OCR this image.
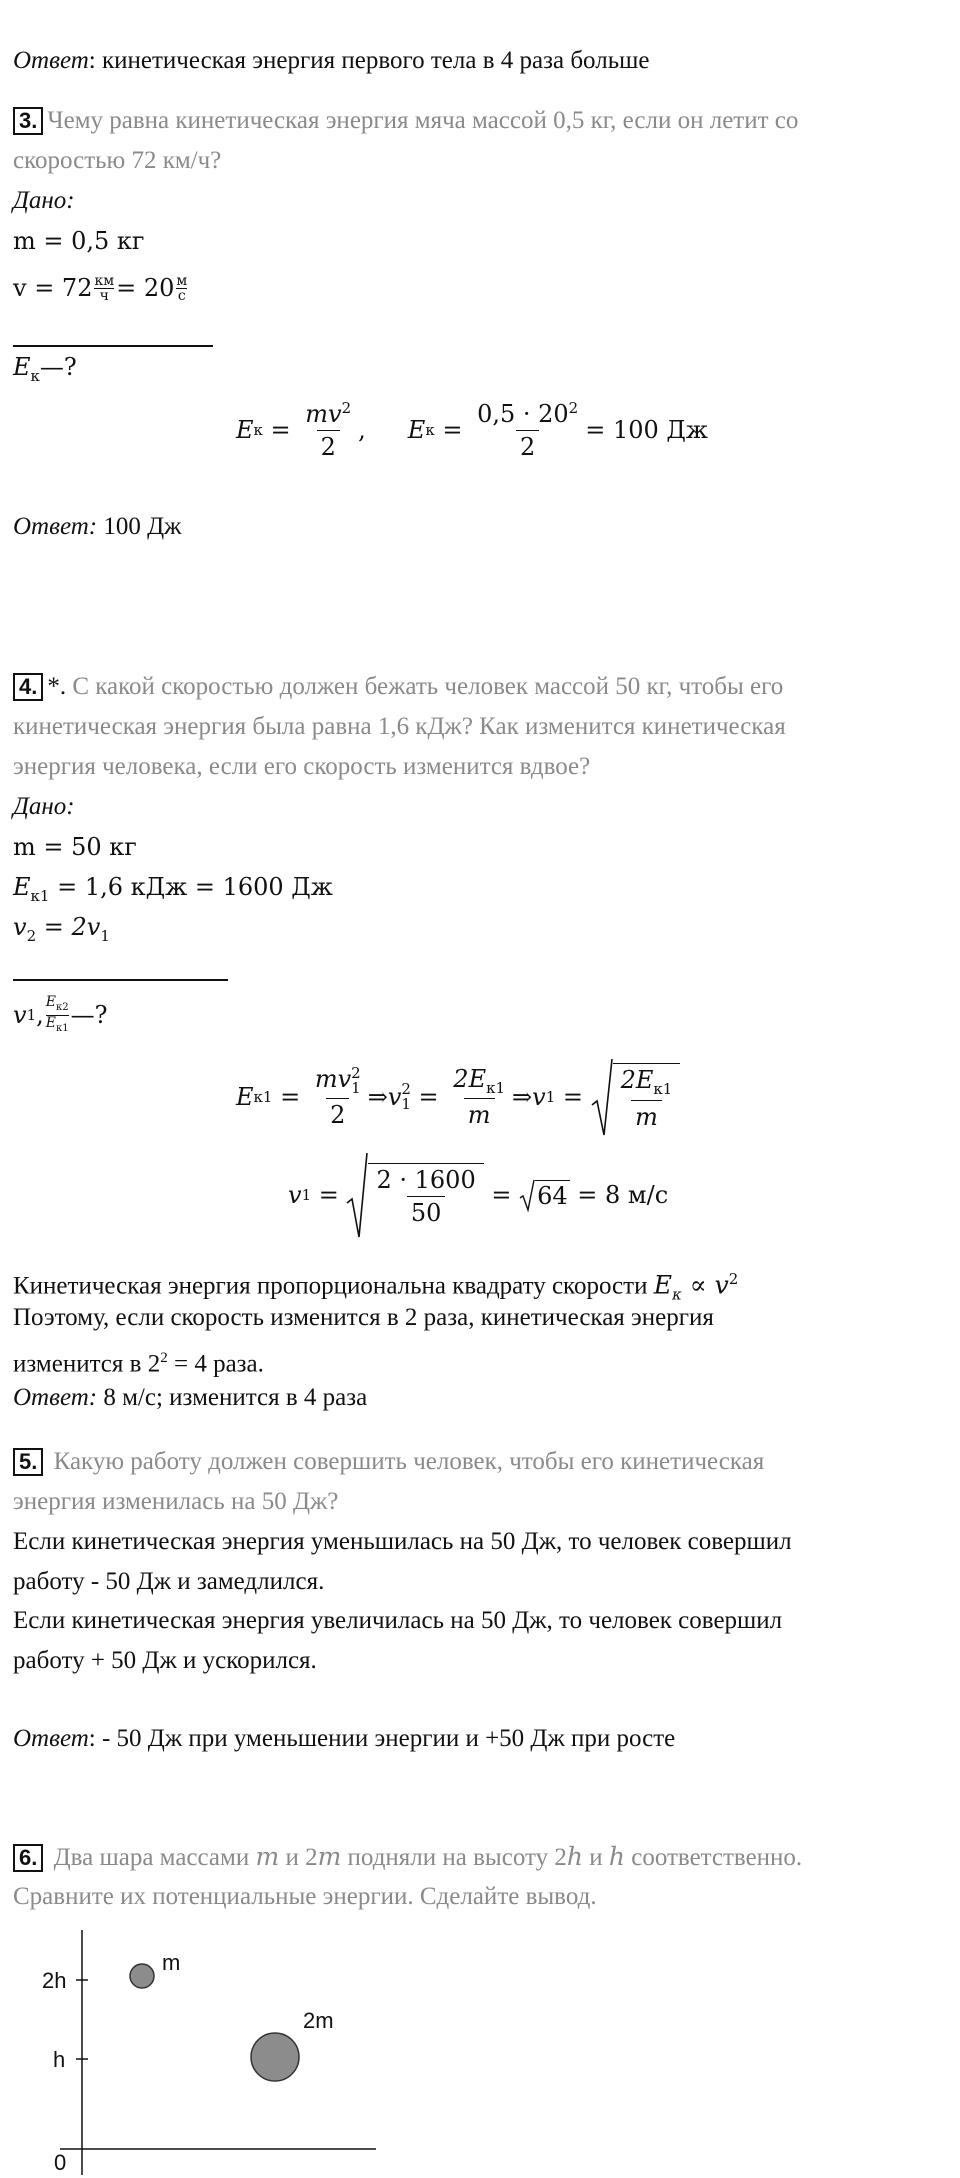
Ответ: кинетическая энергия первого тела в 4 раза больше
3. Чему равна кинетическая энергия мяча массой 0,5 кг, если он летит со
скоростью 72 км/ч?
Дано:
m = 0,5 кг
v = 72 км
ч = 20 м
с
$E_к—$?
E $к = \frac{mv^2}{2}$ , E $к = \frac{0,5 \cdot 20^2}{2} = 100$ Дж
Ответ: 100 Дж
4. *. С какой скоростью должен бежать человек массой 50 кг, чтобы его
кинетическая энергия была равна 1,6 кДж? Как изменится кинетическая
энергия человека, если его скорость изменится вдвое?
Дано:
m = 50 кг
$E_{к1} = 1,6$ кДж = 1600 Дж
$v_2 = 2v_1$
v 1 , $E_{к2}$
$E_{к1}$ —?
E к1 = mv 2
1
2 ⇒ v 2
$1 = \frac{2E_{к1}}{m}$ ⇒ v $1 = \frac{2E_{к1}}{m}$
v $1 = \frac{2 \cdot 1600}{50}$
=
64
= 8 м/с
Кинетическая энергия пропорциональна квадрату скорости $E_\kappa \propto v^2$
Поэтому, если скорость изменится в 2 раза, кинетическая энергия
изменится в $2^2 = 4$ раза.
Ответ: 8 м/с; изменится в 4 раза
5. Какую работу должен совершить человек, чтобы его кинетическая
энергия изменилась на 50 Дж?
Если кинетическая энергия уменьшилась на 50 Дж, то человек совершил
работу - 50 Дж и замедлился.
Если кинетическая энергия увеличилась на 50 Дж, то человек совершил
работу + 50 Дж и ускорился.
Ответ: - 50 Дж при уменьшении энергии и +50 Дж при росте
6. Два шара массами m и 2m подняли на высоту 2h и h соответственно.
Сравните их потенциальные энергии. Сделайте вывод.
2h
h
0
m
2m
